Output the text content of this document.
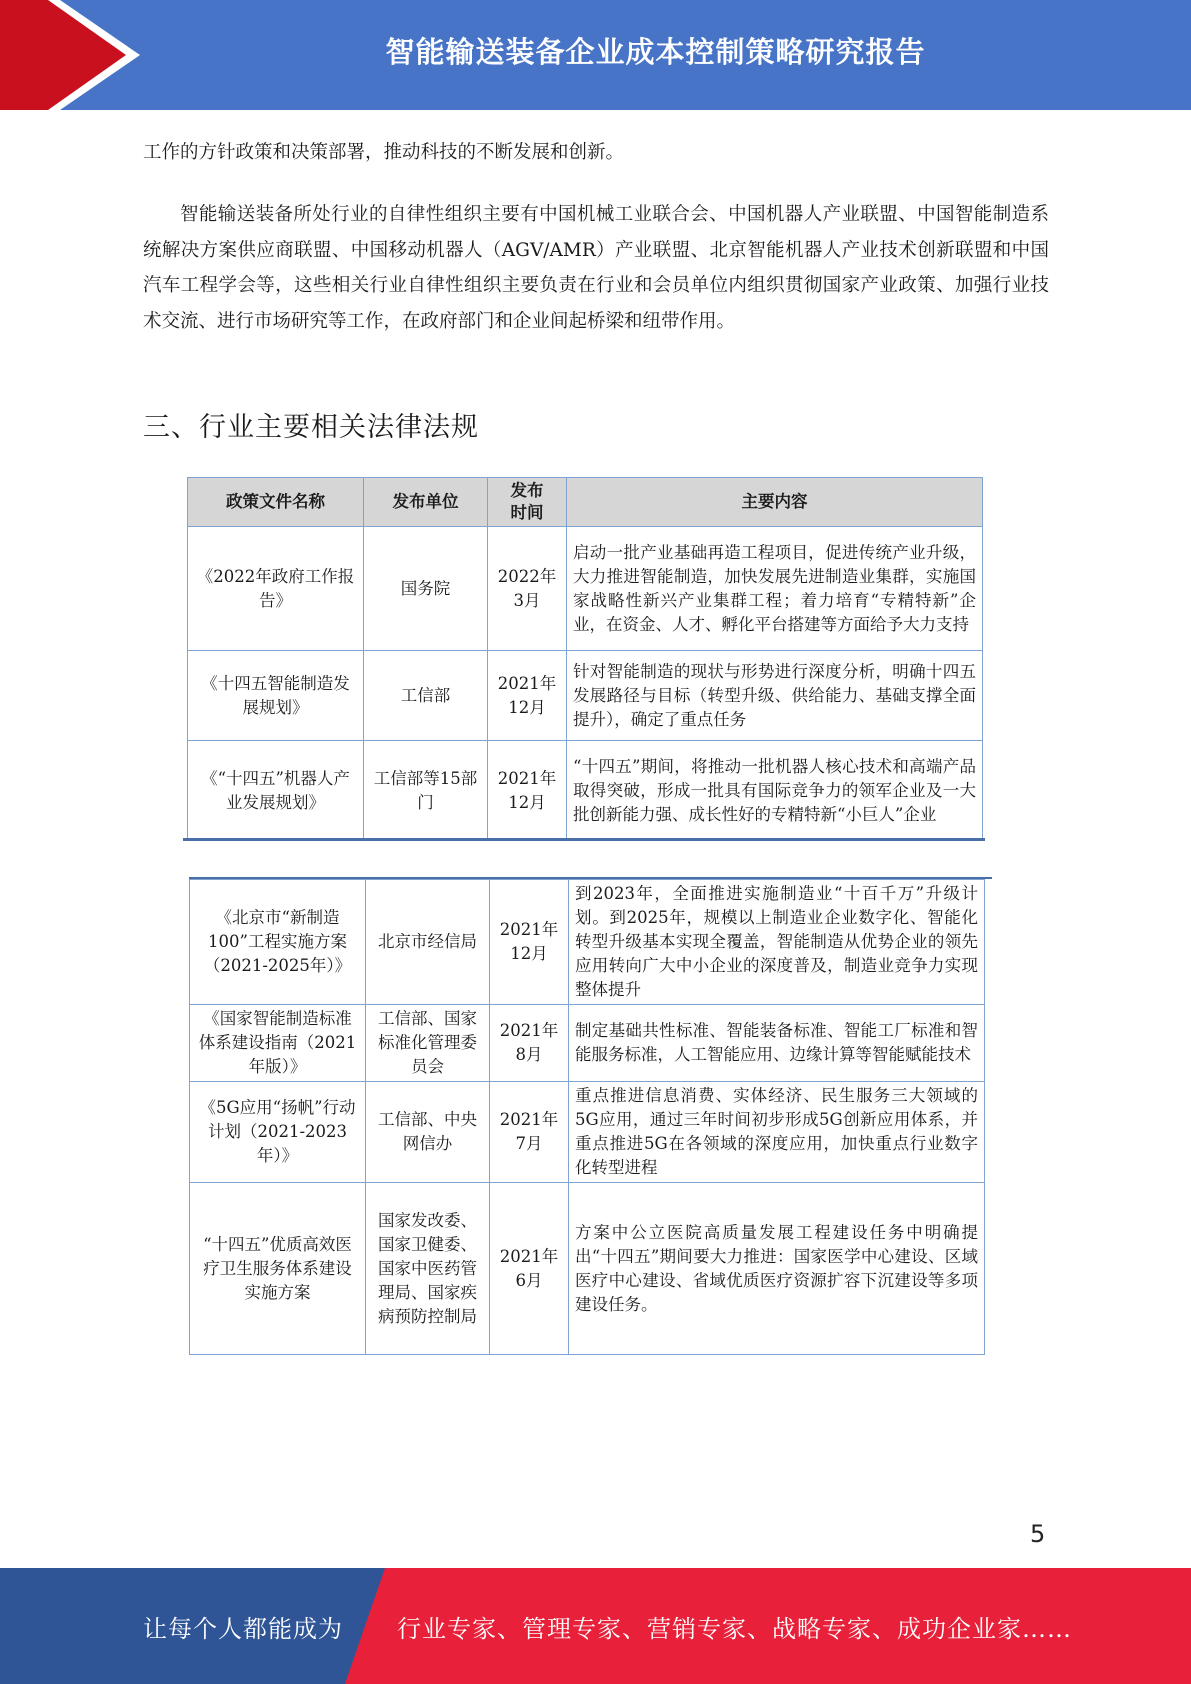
智能输送装备企业成本控制策略研究报告

工作的方针政策和决策部署，推动科技的不断发展和创新。

智能输送装备所处行业的自律性组织主要有中国机械工业联合会、中国机器人产业联盟、中国智能制造系统解决方案供应商联盟、中国移动机器人（AGV/AMR）产业联盟、北京智能机器人产业技术创新联盟和中国汽车工程学会等，这些相关行业自律性组织主要负责在行业和会员单位内组织贯彻国家产业政策、加强行业技术交流、进行市场研究等工作，在政府部门和企业间起桥梁和纽带作用。

三、行业主要相关法律法规
政策文件名称	发布单位	发布时间	主要内容
《2022年政府工作报告》	国务院	2022年3月	启动一批产业基础再造工程项目，促进传统产业升级，大力推进智能制造，加快发展先进制造业集群，实施国家战略性新兴产业集群工程；着力培育“专精特新”企业，在资金、人才、孵化平台搭建等方面给予大力支持
《十四五智能制造发展规划》	工信部	2021年12月	针对智能制造的现状与形势进行深度分析，明确十四五发展路径与目标（转型升级、供给能力、基础支撑全面提升），确定了重点任务
《“十四五”机器人产业发展规划》	工信部等15部门	2021年12月	“十四五”期间，将推动一批机器人核心技术和高端产品取得突破，形成一批具有国际竞争力的领军企业及一大批创新能力强、成长性好的专精特新“小巨人”企业
《北京市“新制造100”工程实施方案（2021-2025年）》	北京市经信局	2021年12月	到2023年，全面推进实施制造业“十百千万”升级计划。到2025年，规模以上制造业企业数字化、智能化转型升级基本实现全覆盖，智能制造从优势企业的领先应用转向广大中小企业的深度普及，制造业竞争力实现整体提升
《国家智能制造标准体系建设指南（2021年版）》	工信部、国家标准化管理委员会	2021年8月	制定基础共性标准、智能装备标准、智能工厂标准和智能服务标准，人工智能应用、边缘计算等智能赋能技术
《5G应用“扬帆”行动计划（2021-2023年）》	工信部、中央网信办	2021年7月	重点推进信息消费、实体经济、民生服务三大领域的5G应用，通过三年时间初步形成5G创新应用体系，并重点推进5G在各领域的深度应用，加快重点行业数字化转型进程
“十四五”优质高效医疗卫生服务体系建设实施方案	国家发改委、国家卫健委、国家中医药管理局、国家疾病预防控制局	2021年6月	方案中公立医院高质量发展工程建设任务中明确提出“十四五”期间要大力推进：国家医学中心建设、区域医疗中心建设、省域优质医疗资源扩容下沉建设等多项建设任务。
5
让每个人都能成为 行业专家、管理专家、营销专家、战略专家、成功企业家……
